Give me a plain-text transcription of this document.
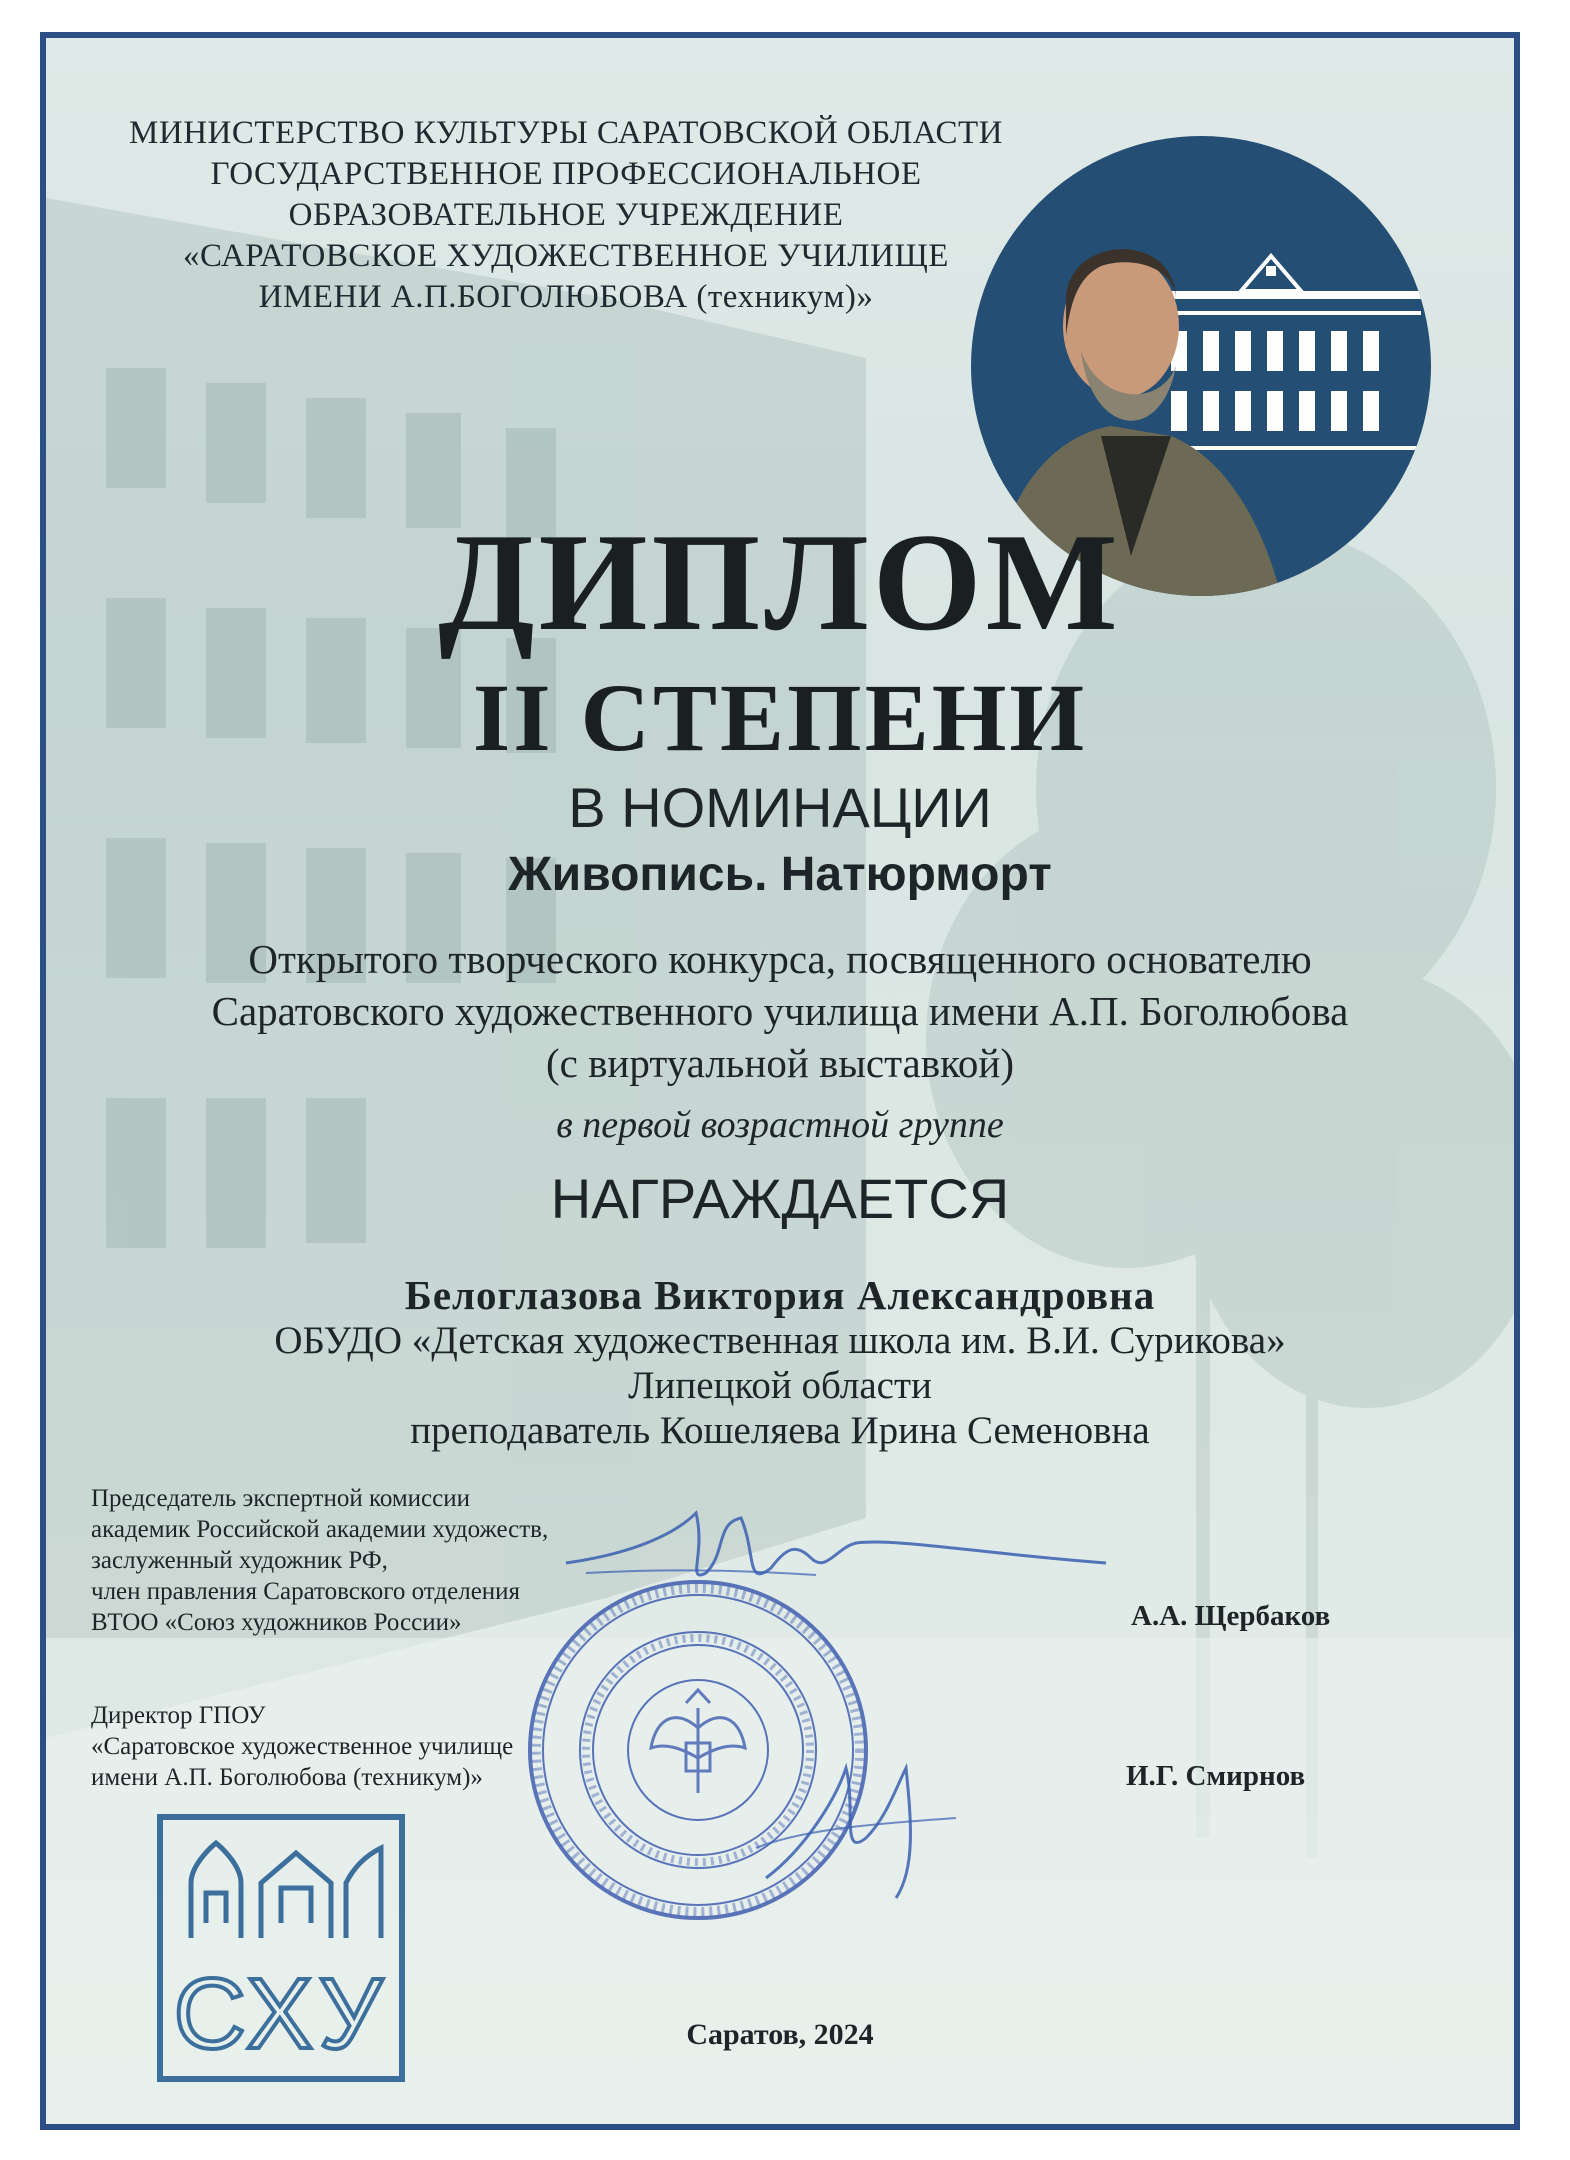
МИНИСТЕРСТВО КУЛЬТУРЫ САРАТОВСКОЙ ОБЛАСТИ
ГОСУДАРСТВЕННОЕ ПРОФЕССИОНАЛЬНОЕ
ОБРАЗОВАТЕЛЬНОЕ УЧРЕЖДЕНИЕ
«САРАТОВСКОЕ ХУДОЖЕСТВЕННОЕ УЧИЛИЩЕ
ИМЕНИ А.П.БОГОЛЮБОВА (техникум)»
ДИПЛОМ
II СТЕПЕНИ
В НОМИНАЦИИ
Живопись. Натюрморт
Открытого творческого конкурса, посвященного основателю
Саратовского художественного училища имени А.П. Боголюбова
(с виртуальной выставкой)
в первой возрастной группе
НАГРАЖДАЕТСЯ
Белоглазова Виктория Александровна
ОБУДО «Детская художественная школа им. В.И. Сурикова»
Липецкой области
преподаватель Кошеляева Ирина Семеновна
Председатель экспертной комиссии
академик Российской академии художеств,
заслуженный художник РФ,
член правления Саратовского отделения
ВТОО «Союз художников России»	А.А. Щербаков
Директор ГПОУ
«Саратовское художественное училище
имени А.П. Боголюбова (техникум)»	И.Г. Смирнов
СХУ	Саратов, 2024
